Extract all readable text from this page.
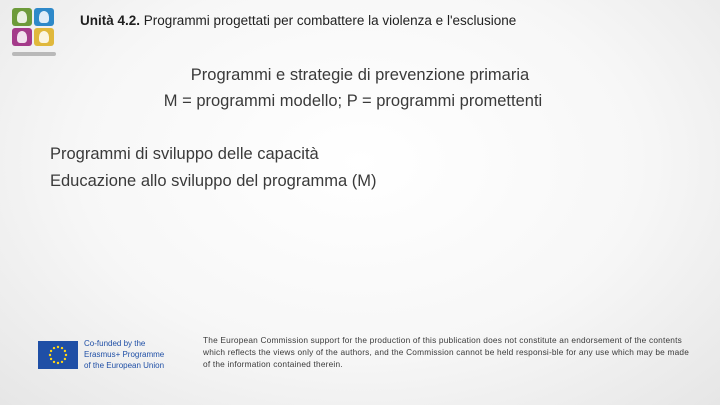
Unità 4.2. Programmi progettati per combattere la violenza e l'esclusione
Programmi e strategie di prevenzione primaria
M = programmi modello; P = programmi promettenti
Programmi di sviluppo delle capacità
Educazione allo sviluppo del programma (M)
Co-funded by the
Erasmus+ Programme
of the European Union
The European Commission support for the production of this publication does not constitute an endorsement of the contents which reflects the views only of the authors, and the Commission cannot be held responsi-ble for any use which may be made of the information contained therein.
